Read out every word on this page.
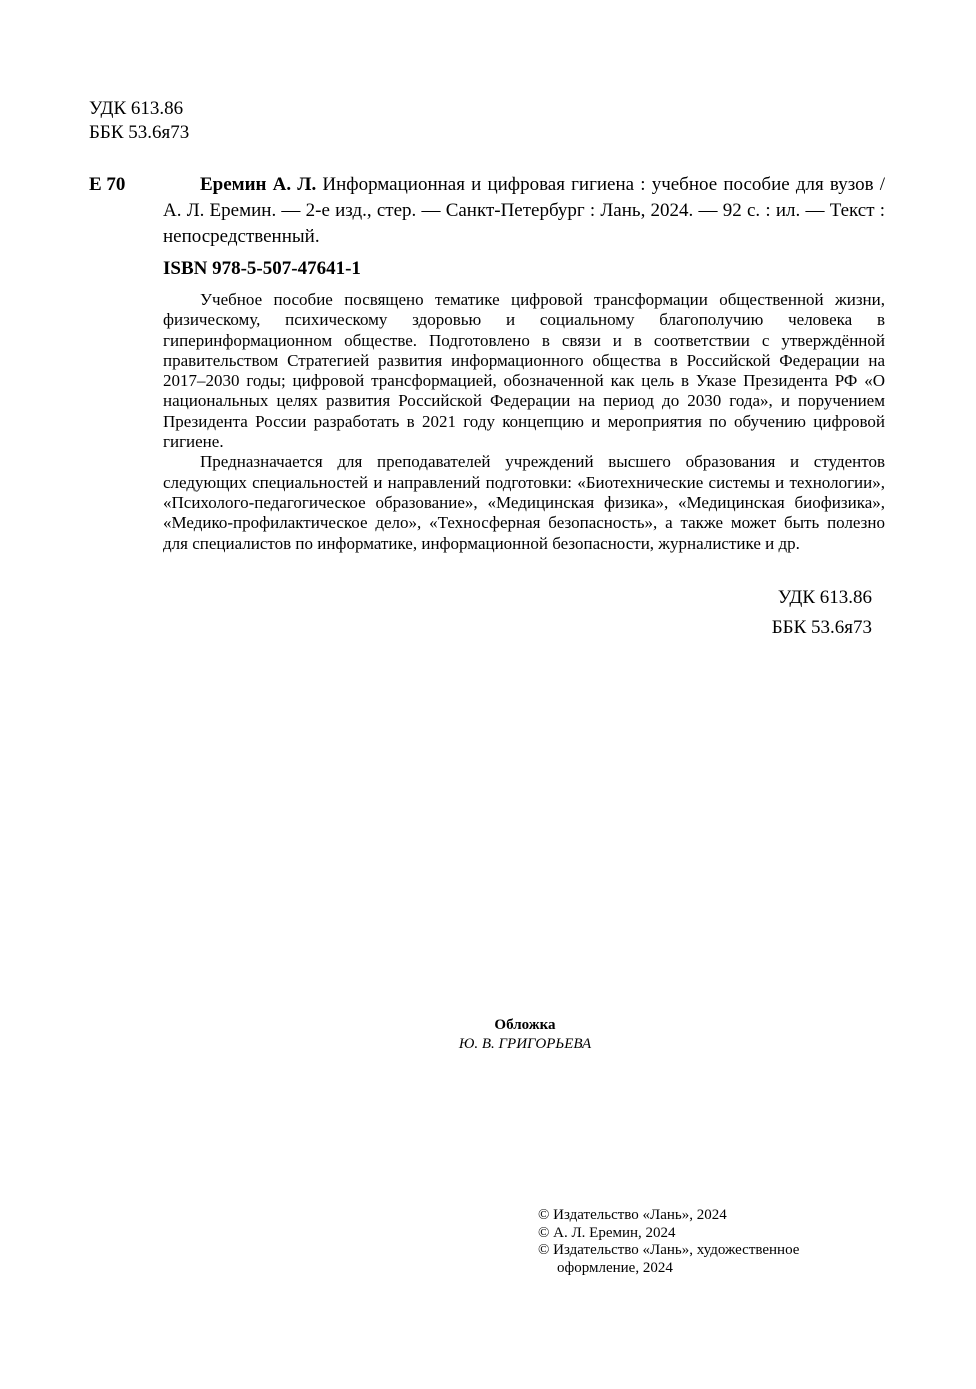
УДК 613.86
ББК 53.6я73
Е 70	Еремин А. Л. Информационная и цифровая гигиена : учебное пособие для вузов / А. Л. Еремин. — 2-е изд., стер. — Санкт-Петербург : Лань, 2024. — 92 с. : ил. — Текст : непосредственный.
ISBN 978-5-507-47641-1

Учебное пособие посвящено тематике цифровой трансформации общественной жизни, физическому, психическому здоровью и социальному благополучию человека в гиперинформационном обществе. Подготовлено в связи и в соответствии с утверждённой правительством Стратегией развития информационного общества в Российской Федерации на 2017–2030 годы; цифровой трансформацией, обозначенной как цель в Указе Президента РФ «О национальных целях развития Российской Федерации на период до 2030 года», и поручением Президента России разработать в 2021 году концепцию и мероприятия по обучению цифровой гигиене.

Предназначается для преподавателей учреждений высшего образования и студентов следующих специальностей и направлений подготовки: «Биотехнические системы и технологии», «Психолого-педагогическое образование», «Медицинская физика», «Медицинская биофизика», «Медико-профилактическое дело», «Техносферная безопасность», а также может быть полезно для специалистов по информатике, информационной безопасности, журналистике и др.

УДК 613.86
ББК 53.6я73
Обложка
Ю. В. ГРИГОРЬЕВА
© Издательство «Лань», 2024
© А. Л. Еремин, 2024
© Издательство «Лань», художественное
оформление, 2024
